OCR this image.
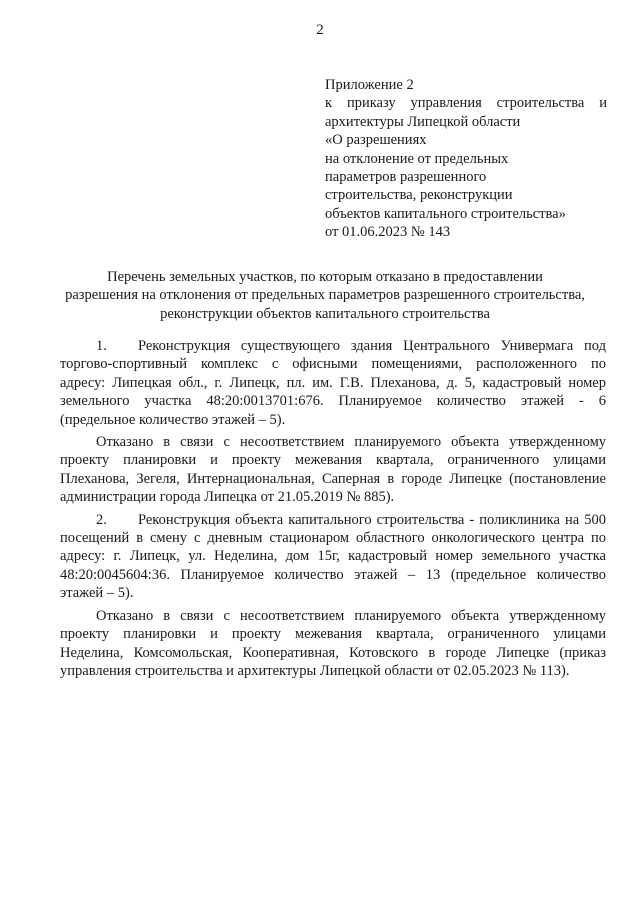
2
Приложение 2
к приказу управления строительства и
архитектуры Липецкой области
«О разрешениях
на отклонение от предельных
параметров разрешенного
строительства, реконструкции
объектов капитального строительства»
от 01.06.2023 № 143
Перечень земельных участков, по которым отказано в предоставлении
разрешения на отклонения от предельных параметров разрешенного строительства,
реконструкции объектов капитального строительства

1. Реконструкция существующего здания Центрального Универмага под
торгово-спортивный комплекс с офисными помещениями, расположенного по
адресу: Липецкая обл., г. Липецк, пл. им. Г.В. Плеханова, д. 5, кадастровый номер
земельного участка 48:20:0013701:676. Планируемое количество этажей - 6
(предельное количество этажей – 5).

Отказано в связи с несоответствием планируемого объекта утвержденному
проекту планировки и проекту межевания квартала, ограниченного улицами
Плеханова, Зегеля, Интернациональная, Саперная в городе Липецке (постановление
администрации города Липецка от 21.05.2019 № 885).

2. Реконструкция объекта капитального строительства - поликлиника на 500
посещений в смену с дневным стационаром областного онкологического центра по
адресу: г. Липецк, ул. Неделина, дом 15г, кадастровый номер земельного участка
48:20:0045604:36. Планируемое количество этажей – 13 (предельное количество
этажей – 5).

Отказано в связи с несоответствием планируемого объекта утвержденному
проекту планировки и проекту межевания квартала, ограниченного улицами
Неделина, Комсомольская, Кооперативная, Котовского в городе Липецке (приказ
управления строительства и архитектуры Липецкой области от 02.05.2023 № 113).
